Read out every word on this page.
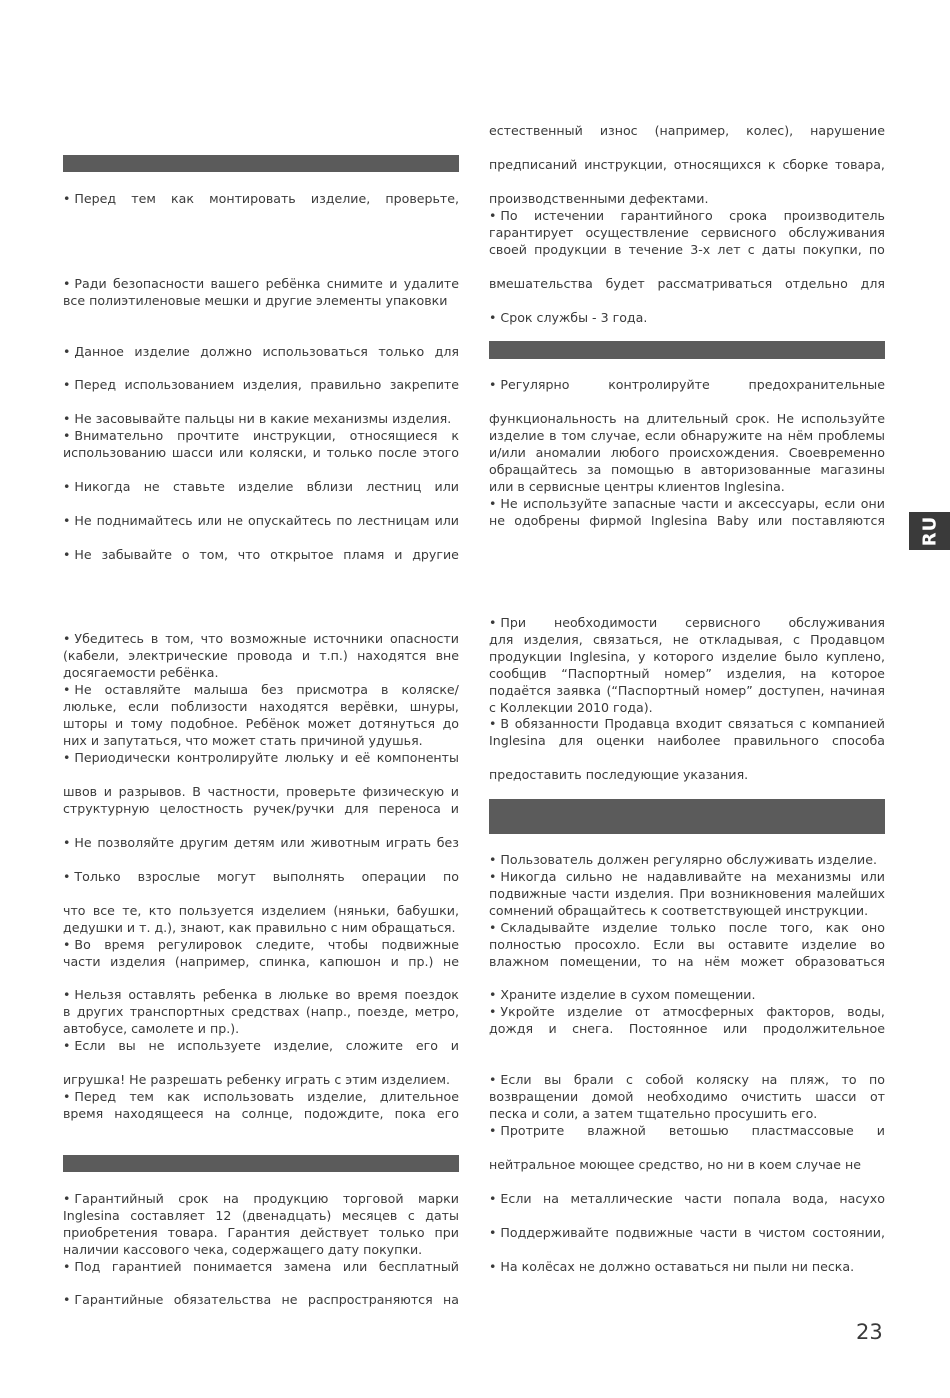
• Перед тем как монтировать изделие, проверьте,
• Ради безопасности вашего ребёнка снимите и удалите
все полиэтиленовые мешки и другие элементы упаковки
• Данное изделие должно использоваться только для
• Перед использованием изделия, правильно закрепите
• Не засовывайте пальцы ни в какие механизмы изделия.
• Внимательно прочтите инструкции, относящиеся к
использованию шасси или коляски, и только после этого
• Никогда не ставьте изделие вблизи лестниц или
• Не поднимайтесь или не опускайтесь по лестницам или
• Не забывайте о том, что открытое пламя и другие
• Убедитесь в том, что возможные источники опасности
(кабели, электрические провода и т.п.) находятся вне
досягаемости ребёнка.
• Не оставляйте малыша без присмотра в коляске/
люльке, если поблизости находятся верёвки, шнуры,
шторы и тому подобное. Ребёнок может дотянуться до
них и запутаться, что может стать причиной удушья.
• Периодически контролируйте люльку и её компоненты
швов и разрывов. В частности, проверьте физическую и
структурную целостность ручек/ручки для переноса и
• Не позволяйте другим детям или животным играть без
• Только взрослые могут выполнять операции по
что все те, кто пользуется изделием (няньки, бабушки,
дедушки и т. д.), знают, как правильно с ним обращаться.
• Во время регулировок следите, чтобы подвижные
части изделия (например, спинка, капюшон и пр.) не
• Нельзя оставлять ребенка в люльке во время поездок
в других транспортных средствах (напр., поезде, метро,
автобусе, самолете и пр.).
• Если вы не используете изделие, сложите его и
игрушка! Не разрешать ребенку играть с этим изделием.
• Перед тем как использовать изделие, длительное
время находящееся на солнце, подождите, пока его
• Гарантийный срок на продукцию торговой марки
Inglesina составляет 12 (двенадцать) месяцев с даты
приобретения товара. Гарантия действует только при
наличии кассового чека, содержащего дату покупки.
• Под гарантией понимается замена или бесплатный
• Гарантийные обязательства не распространяются на
естественный износ (например, колес), нарушение
предписаний инструкции, относящихся к сборке товара,
производственными дефектами.
• По истечении гарантийного срока производитель
гарантирует осуществление сервисного обслуживания
своей продукции в течение 3-х лет с даты покупки, по
вмешательства будет рассматриваться отдельно для
• Срок службы - 3 года.
• Регулярно	контролируйте	предохранительные
функциональность на длительный срок. Не используйте
изделие в том случае, если обнаружите на нём проблемы
и/или аномалии любого происхождения. Своевременно
обращайтесь за помощью в авторизованные магазины
или в сервисные центры клиентов Inglesina.
• Не используйте запасные части и аксессуары, если они
не одобрены фирмой Inglesina Baby или поставляются
• При необходимости сервисного обслуживания
для изделия, связаться, не откладывая, с Продавцом
продукции Inglesina, у которого изделие было куплено,
сообщив “Паспортный номер” изделия, на которое
подаётся заявка (“Паспортный номер” доступен, начиная
с Коллекции 2010 года).
• В обязанности Продавца входит связаться с компанией
Inglesina для оценки наиболее правильного способа
предоставить последующие указания.
• Пользователь должен регулярно обслуживать изделие.
• Никогда сильно не надавливайте на механизмы или
подвижные части изделия. При возникновения малейших
сомнений обращайтесь к соответствующей инструкции.
• Складывайте изделие только после того, как оно
полностью просохло. Если вы оставите изделие во
влажном помещении, то на нём может образоваться
• Храните изделие в сухом помещении.
• Укройте изделие от атмосферных факторов, воды,
дождя и снега. Постоянное или продолжительное
• Если вы брали с собой коляску на пляж, то по
возвращении домой необходимо очистить шасси от
песка и соли, а затем тщательно просушить его.
• Протрите влажной ветошью пластмассовые и
нейтральное моющее средство, но ни в коем случае не
• Если на металлические части попала вода, насухо
• Поддерживайте подвижные части в чистом состоянии,
• На колёсах не должно оставаться ни пыли ни песка.
RU
23
